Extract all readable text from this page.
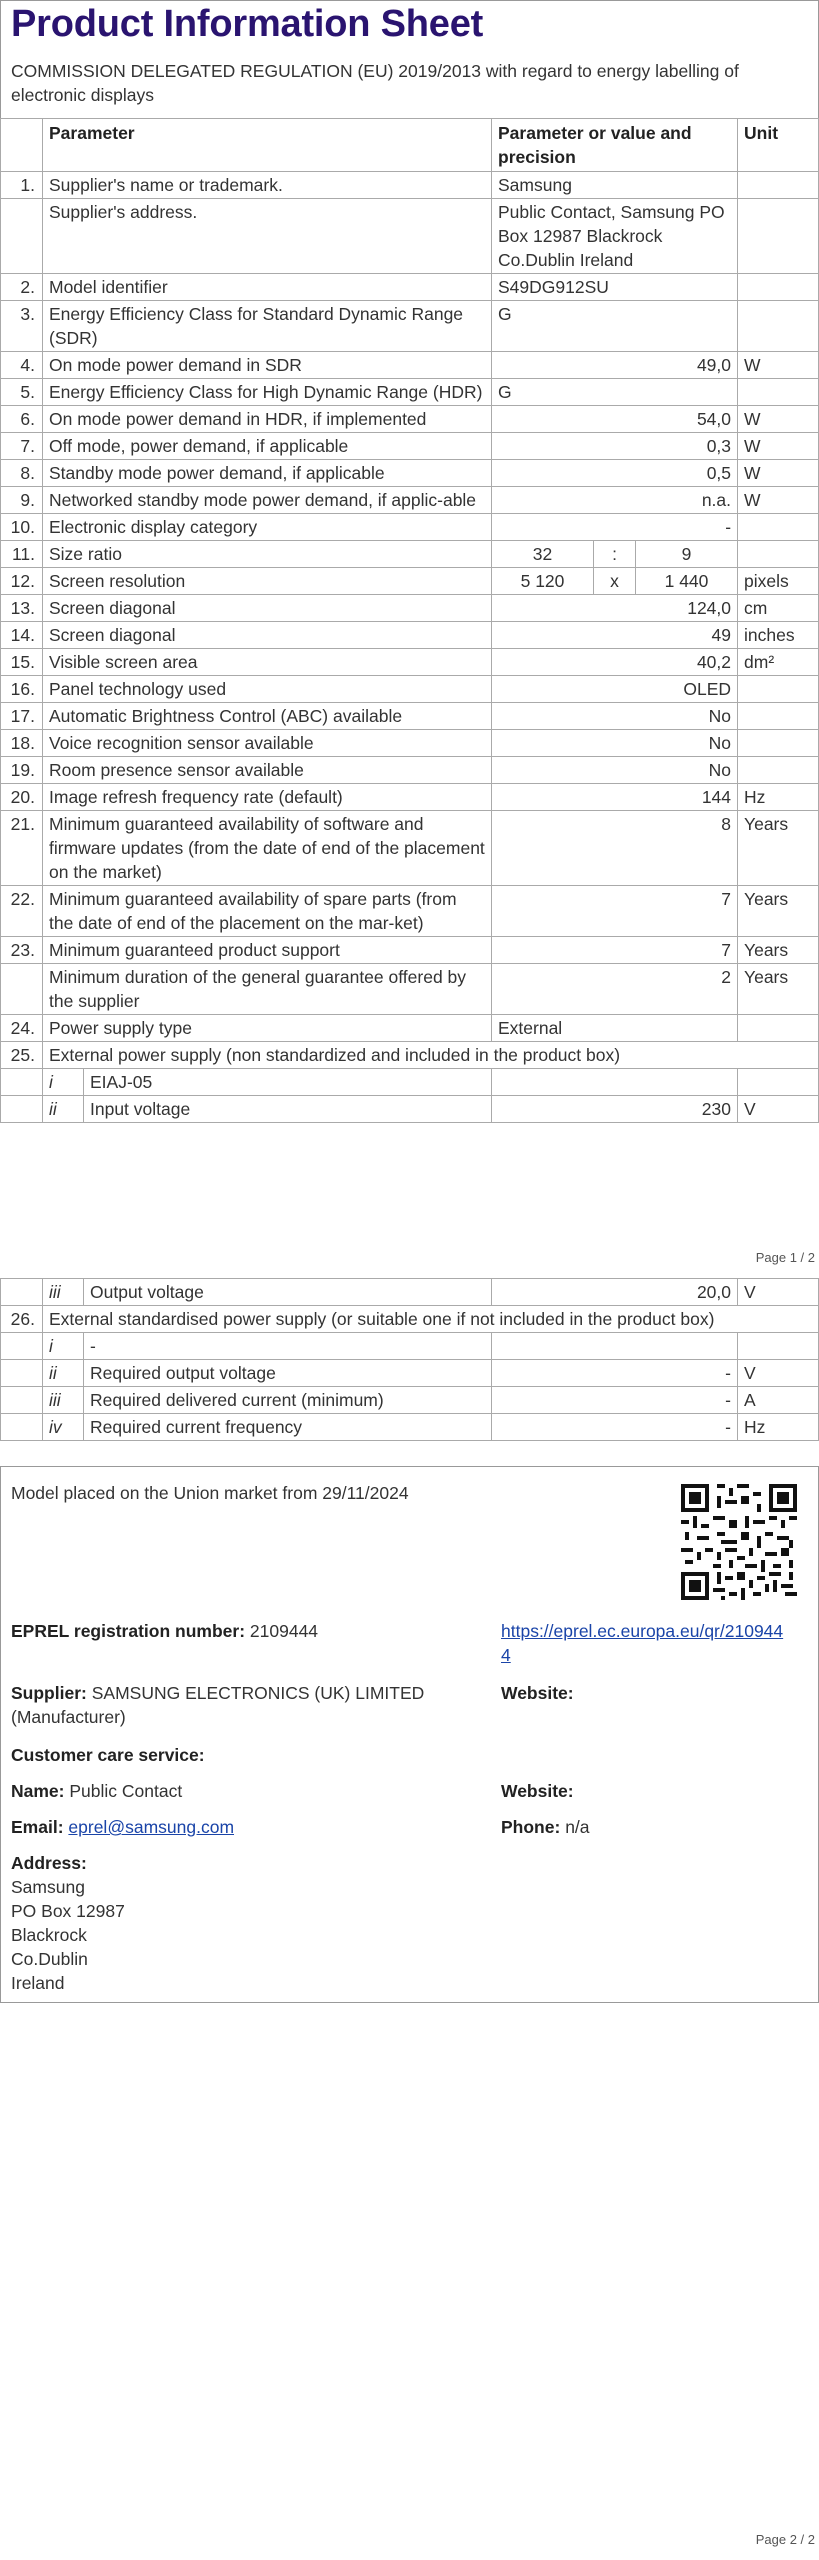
Product Information Sheet
COMMISSION DELEGATED REGULATION (EU) 2019/2013 with regard to energy labelling of electronic displays
	Parameter	Parameter or value and precision			Unit
1.	Supplier's name or trademark.	Samsung			
	Supplier's address.	Public Contact, Samsung PO Box 12987 Blackrock Co.Dublin Ireland			
2.	Model identifier	S49DG912SU			
3.	Energy Efficiency Class for Standard Dynamic Range (SDR)	G			
4.	On mode power demand in SDR	49,0			W
5.	Energy Efficiency Class for High Dynamic Range (HDR)	G			
6.	On mode power demand in HDR, if implemented	54,0			W
7.	Off mode, power demand, if applicable	0,3			W
8.	Standby mode power demand, if applicable	0,5			W
9.	Networked standby mode power demand, if applic-able	n.a.			W
10.	Electronic display category	-			
11.	Size ratio	32	:	9	
12.	Screen resolution	5 120	x	1 440	pixels
13.	Screen diagonal	124,0			cm
14.	Screen diagonal	49			inches
15.	Visible screen area	40,2			dm²
16.	Panel technology used	OLED			
17.	Automatic Brightness Control (ABC) available	No			
18.	Voice recognition sensor available	No			
19.	Room presence sensor available	No			
20.	Image refresh frequency rate (default)	144			Hz
21.	Minimum guaranteed availability of software and firmware updates (from the date of end of the placement on the market)	8			Years
22.	Minimum guaranteed availability of spare parts (from the date of end of the placement on the mar-ket)	7			Years
23.	Minimum guaranteed product support	7			Years
	Minimum duration of the general guarantee offered by the supplier	2			Years
24.	Power supply type	External			
25.	External power supply (non standardized and included in the product box)				
	i	EIAJ-05		
	ii	Input voltage	230	V
Page 1 / 2
	iii	Output voltage	20,0	V
26.	External standardised power supply (or suitable one if not included in the product box)			
	i	-		
	ii	Required output voltage	-	V
	iii	Required delivered current (minimum)	-	A
	iv	Required current frequency	-	Hz
Model placed on the Union market from 29/11/2024
EPREL registration number: 2109444	https://eprel.ec.europa.eu/qr/2109444
Supplier: SAMSUNG ELECTRONICS (UK) LIMITED (Manufacturer)
Website:
Customer care service:
Name: Public Contact	Website:
Email: eprel@samsung.com	Phone: n/a
Address:
Samsung
PO Box 12987
Blackrock
Co.Dublin
Ireland
Page 2 / 2
